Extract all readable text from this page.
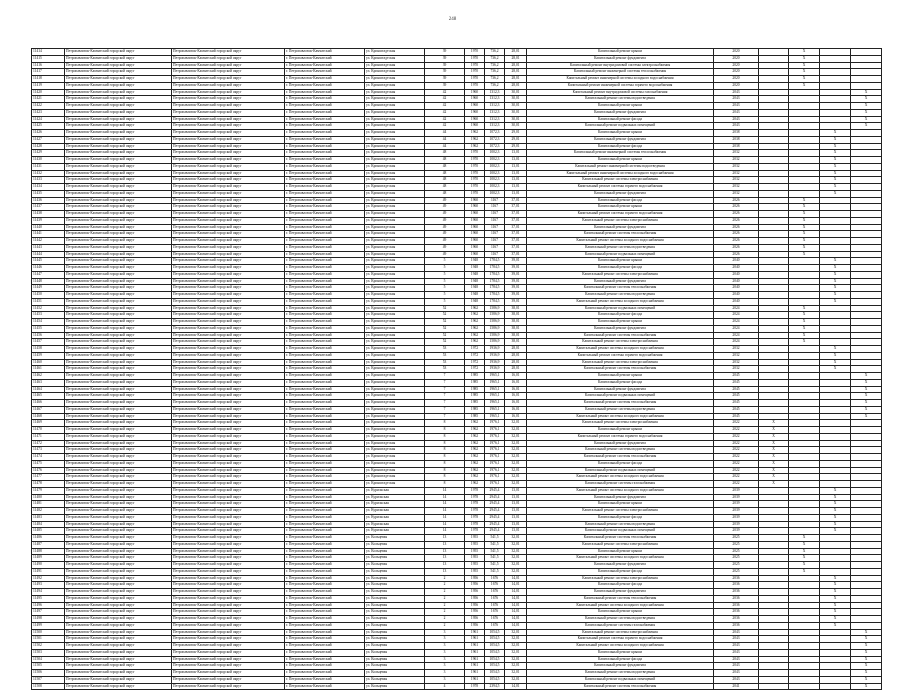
248
11414	Петропавловск-Камчатский городской округ	Петропавловск-Камчатский городской округ	г. Петропавловск-Камчатский	ул. Кронштадтская	39	1970	736,2	28,01	Капитальный ремонт крыши	2020		X		
11415	Петропавловск-Камчатский городской округ	Петропавловск-Камчатский городской округ	г. Петропавловск-Камчатский	ул. Кронштадтская	39	1970	736,2	28,01	Капитальный ремонт фундамента	2020		X		
11416	Петропавловск-Камчатский городской округ	Петропавловск-Камчатский городской округ	г. Петропавловск-Камчатский	ул. Кронштадтская	39	1970	736,2	28,01	Капитальный ремонт внутридомовой системы электроснабжения	2020		X		
11417	Петропавловск-Камчатский городской округ	Петропавловск-Камчатский городской округ	г. Петропавловск-Камчатский	ул. Кронштадтская	39	1970	736,2	28,01	Капитальный ремонт инженерной системы теплоснабжения	2020		X		
11418	Петропавловск-Камчатский городской округ	Петропавловск-Камчатский городской округ	г. Петропавловск-Камчатский	ул. Кронштадтская	39	1970	736,2	28,01	Капитальный ремонт инженерной системы холодного водоснабжения	2020		X		
11419	Петропавловск-Камчатский городской округ	Петропавловск-Камчатский городской округ	г. Петропавловск-Камчатский	ул. Кронштадтская	39	1970	736,2	28,01	Капитальный ремонт инженерной системы горячего водоснабжения	2020		X		
11420	Петропавловск-Камчатский городской округ	Петропавловск-Камчатский городской округ	г. Петропавловск-Камчатский	ул. Кронштадтская	42	1960	1312,3	30,01	Капитальный ремонт внутридомовой системы газоснабжения	2043				X
11421	Петропавловск-Камчатский городской округ	Петропавловск-Камчатский городской округ	г. Петропавловск-Камчатский	ул. Кронштадтская	42	1960	1312,3	30,01	Капитальный ремонт системы водоотведения	2043				X
11422	Петропавловск-Камчатский городской округ	Петропавловск-Камчатский городской округ	г. Петропавловск-Камчатский	ул. Кронштадтская	42	1960	1312,3	30,01	Капитальный ремонт крыши	2043				X
11423	Петропавловск-Камчатский городской округ	Петропавловск-Камчатский городской округ	г. Петропавловск-Камчатский	ул. Кронштадтская	42	1960	1312,3	30,01	Капитальный ремонт фундамента	2043				X
11424	Петропавловск-Камчатский городской округ	Петропавловск-Камчатский городской округ	г. Петропавловск-Камчатский	ул. Кронштадтская	42	1960	1312,3	30,01	Капитальный ремонт фасада	2043				X
11425	Петропавловск-Камчатский городской округ	Петропавловск-Камчатский городской округ	г. Петропавловск-Камчатский	ул. Кронштадтская	42	1960	1312,3	30,01	Капитальный ремонт подвальных помещений	2043				X
11426	Петропавловск-Камчатский городской округ	Петропавловск-Камчатский городской округ	г. Петропавловск-Камчатский	ул. Кронштадтская	44	1962	1072,3	29,01	Капитальный ремонт крыши	2038			X	
11427	Петропавловск-Камчатский городской округ	Петропавловск-Камчатский городской округ	г. Петропавловск-Камчатский	ул. Кронштадтская	44	1962	1072,3	29,01	Капитальный ремонт фундамента	2038			X	
11428	Петропавловск-Камчатский городской округ	Петропавловск-Камчатский городской округ	г. Петропавловск-Камчатский	ул. Кронштадтская	44	1962	1072,3	29,01	Капитальный ремонт фасада	2038			X	
11429	Петропавловск-Камчатский городской округ	Петропавловск-Камчатский городской округ	г. Петропавловск-Камчатский	ул. Кронштадтская	48	1970	1002,3	13,01	Капитальный ремонт инженерной системы теплоснабжения	2032			X	
11430	Петропавловск-Камчатский городской округ	Петропавловск-Камчатский городской округ	г. Петропавловск-Камчатский	ул. Кронштадтская	48	1970	1002,3	13,01	Капитальный ремонт крыши	2032			X	
11431	Петропавловск-Камчатский городской округ	Петропавловск-Камчатский городской округ	г. Петропавловск-Камчатский	ул. Кронштадтская	48	1970	1002,3	13,01	Капитальный ремонт инженерной системы водоотведения	2032			X	
11432	Петропавловск-Камчатский городской округ	Петропавловск-Камчатский городской округ	г. Петропавловск-Камчатский	ул. Кронштадтская	48	1970	1002,3	13,01	Капитальный ремонт инженерной системы холодного водоснабжения	2032			X	
11433	Петропавловск-Камчатский городской округ	Петропавловск-Камчатский городской округ	г. Петропавловск-Камчатский	ул. Кронштадтская	48	1970	1002,3	13,01	Капитальный ремонт системы электроснабжения	2032			X	
11434	Петропавловск-Камчатский городской округ	Петропавловск-Камчатский городской округ	г. Петропавловск-Камчатский	ул. Кронштадтская	48	1970	1002,3	13,01	Капитальный ремонт системы горячего водоснабжения	2032			X	
11435	Петропавловск-Камчатский городской округ	Петропавловск-Камчатский городской округ	г. Петропавловск-Камчатский	ул. Кронштадтская	48	1970	1002,3	13,01	Капитальный ремонт фундамента	2032			X	
11436	Петропавловск-Камчатский городской округ	Петропавловск-Камчатский городской округ	г. Петропавловск-Камчатский	ул. Кронштадтская	49	1960	1167	37,01	Капитальный ремонт фасада	2026		X		
11437	Петропавловск-Камчатский городской округ	Петропавловск-Камчатский городской округ	г. Петропавловск-Камчатский	ул. Кронштадтская	49	1960	1167	37,01	Капитальный ремонт крыши	2026		X		
11438	Петропавловск-Камчатский городской округ	Петропавловск-Камчатский городской округ	г. Петропавловск-Камчатский	ул. Кронштадтская	49	1960	1167	37,01	Капитальный ремонт системы горячего водоснабжения	2026		X		
11439	Петропавловск-Камчатский городской округ	Петропавловск-Камчатский городской округ	г. Петропавловск-Камчатский	ул. Кронштадтская	49	1960	1167	37,01	Капитальный ремонт системы электроснабжения	2026		X		
11440	Петропавловск-Камчатский городской округ	Петропавловск-Камчатский городской округ	г. Петропавловск-Камчатский	ул. Кронштадтская	49	1960	1167	37,01	Капитальный ремонт фундамента	2026		X		
11441	Петропавловск-Камчатский городской округ	Петропавловск-Камчатский городской округ	г. Петропавловск-Камчатский	ул. Кронштадтская	49	1960	1167	37,01	Капитальный ремонт системы теплоснабжения	2026		X		
11442	Петропавловск-Камчатский городской округ	Петропавловск-Камчатский городской округ	г. Петропавловск-Камчатский	ул. Кронштадтская	49	1960	1167	37,01	Капитальный ремонт системы холодного водоснабжения	2026		X		
11443	Петропавловск-Камчатский городской округ	Петропавловск-Камчатский городской округ	г. Петропавловск-Камчатский	ул. Кронштадтская	49	1960	1167	37,01	Капитальный ремонт системы водоотведения	2026		X		
11444	Петропавловск-Камчатский городской округ	Петропавловск-Камчатский городской округ	г. Петропавловск-Камчатский	ул. Кронштадтская	49	1960	1167	37,01	Капитальный ремонт подвальных помещений	2026		X		
11445	Петропавловск-Камчатский городской округ	Петропавловск-Камчатский городской округ	г. Петропавловск-Камчатский	ул. Кронштадтская	5	1948	1784,5	39,01	Капитальный ремонт крыши	2040			X	
11446	Петропавловск-Камчатский городской округ	Петропавловск-Камчатский городской округ	г. Петропавловск-Камчатский	ул. Кронштадтская	5	1948	1784,5	39,01	Капитальный ремонт фасада	2040			X	
11447	Петропавловск-Камчатский городской округ	Петропавловск-Камчатский городской округ	г. Петропавловск-Камчатский	ул. Кронштадтская	5	1948	1784,5	39,01	Капитальный ремонт системы электроснабжения	2040			X	
11448	Петропавловск-Камчатский городской округ	Петропавловск-Камчатский городской округ	г. Петропавловск-Камчатский	ул. Кронштадтская	5	1948	1784,5	39,01	Капитальный ремонт фундамента	2040			X	
11449	Петропавловск-Камчатский городской округ	Петропавловск-Камчатский городской округ	г. Петропавловск-Камчатский	ул. Кронштадтская	5	1948	1784,5	39,01	Капитальный ремонт системы теплоснабжения	2040			X	
11450	Петропавловск-Камчатский городской округ	Петропавловск-Камчатский городской округ	г. Петропавловск-Камчатский	ул. Кронштадтская	5	1948	1784,5	39,01	Капитальный ремонт системы водоотведения	2040			X	
11451	Петропавловск-Камчатский городской округ	Петропавловск-Камчатский городской округ	г. Петропавловск-Камчатский	ул. Кронштадтская	5	1948	1784,5	39,01	Капитальный ремонт системы холодного водоснабжения	2040			X	
11452	Петропавловск-Камчатский городской округ	Петропавловск-Камчатский городской округ	г. Петропавловск-Камчатский	ул. Кронштадтская	52	1962	1586,9	38,01	Капитальный ремонт подвальных помещений	2024		X		
11453	Петропавловск-Камчатский городской округ	Петропавловск-Камчатский городской округ	г. Петропавловск-Камчатский	ул. Кронштадтская	52	1962	1586,9	38,01	Капитальный ремонт фасада	2024		X		
11454	Петропавловск-Камчатский городской округ	Петропавловск-Камчатский городской округ	г. Петропавловск-Камчатский	ул. Кронштадтская	52	1962	1586,9	38,01	Капитальный ремонт крыши	2024		X		
11455	Петропавловск-Камчатский городской округ	Петропавловск-Камчатский городской округ	г. Петропавловск-Камчатский	ул. Кронштадтская	52	1962	1586,9	38,01	Капитальный ремонт фундамента	2024		X		
11456	Петропавловск-Камчатский городской округ	Петропавловск-Камчатский городской округ	г. Петропавловск-Камчатский	ул. Кронштадтская	52	1962	1586,9	38,01	Капитальный ремонт системы теплоснабжения	2024		X		
11457	Петропавловск-Камчатский городской округ	Петропавловск-Камчатский городской округ	г. Петропавловск-Камчатский	ул. Кронштадтская	52	1962	1586,9	38,01	Капитальный ремонт системы электроснабжения	2024		X		
11458	Петропавловск-Камчатский городской округ	Петропавловск-Камчатский городской округ	г. Петропавловск-Камчатский	ул. Кронштадтская	53	1972	1936,9	28,01	Капитальный ремонт системы холодного водоснабжения	2032			X	
11459	Петропавловск-Камчатский городской округ	Петропавловск-Камчатский городской округ	г. Петропавловск-Камчатский	ул. Кронштадтская	53	1972	1936,9	28,01	Капитальный ремонт системы горячего водоснабжения	2032			X	
11460	Петропавловск-Камчатский городской округ	Петропавловск-Камчатский городской округ	г. Петропавловск-Камчатский	ул. Кронштадтская	53	1972	1936,9	28,01	Капитальный ремонт системы электроснабжения	2032			X	
11461	Петропавловск-Камчатский городской округ	Петропавловск-Камчатский городской округ	г. Петропавловск-Камчатский	ул. Кронштадтская	53	1972	1936,9	28,01	Капитальный ремонт системы теплоснабжения	2032			X	
11462	Петропавловск-Камчатский городской округ	Петропавловск-Камчатский городской округ	г. Петропавловск-Камчатский	ул. Кронштадтская	7	1985	1965,1	16,01	Капитальный ремонт крыши	2045				X
11463	Петропавловск-Камчатский городской округ	Петропавловск-Камчатский городской округ	г. Петропавловск-Камчатский	ул. Кронштадтская	7	1985	1965,1	16,01	Капитальный ремонт фасада	2045				X
11464	Петропавловск-Камчатский городской округ	Петропавловск-Камчатский городской округ	г. Петропавловск-Камчатский	ул. Кронштадтская	7	1985	1965,1	16,01	Капитальный ремонт фундамента	2045				X
11465	Петропавловск-Камчатский городской округ	Петропавловск-Камчатский городской округ	г. Петропавловск-Камчатский	ул. Кронштадтская	7	1985	1965,1	16,01	Капитальный ремонт подвальных помещений	2045				X
11466	Петропавловск-Камчатский городской округ	Петропавловск-Камчатский городской округ	г. Петропавловск-Камчатский	ул. Кронштадтская	7	1985	1965,1	16,01	Капитальный ремонт системы теплоснабжения	2045				X
11467	Петропавловск-Камчатский городской округ	Петропавловск-Камчатский городской округ	г. Петропавловск-Камчатский	ул. Кронштадтская	7	1985	1965,1	16,01	Капитальный ремонт системы водоотведения	2045				X
11468	Петропавловск-Камчатский городской округ	Петропавловск-Камчатский городской округ	г. Петропавловск-Камчатский	ул. Кронштадтская	7	1985	1965,1	16,01	Капитальный ремонт системы холодного водоснабжения	2045				X
11469	Петропавловск-Камчатский городской округ	Петропавловск-Камчатский городской округ	г. Петропавловск-Камчатский	ул. Кронштадтская	8	1962	1976,1	32,01	Капитальный ремонт системы электроснабжения	2022	X			
11470	Петропавловск-Камчатский городской округ	Петропавловск-Камчатский городской округ	г. Петропавловск-Камчатский	ул. Кронштадтская	8	1962	1976,1	32,01	Капитальный ремонт крыши	2022	X			
11471	Петропавловск-Камчатский городской округ	Петропавловск-Камчатский городской округ	г. Петропавловск-Камчатский	ул. Кронштадтская	8	1962	1976,1	32,01	Капитальный ремонт системы горячего водоснабжения	2022	X			
11472	Петропавловск-Камчатский городской округ	Петропавловск-Камчатский городской округ	г. Петропавловск-Камчатский	ул. Кронштадтская	8	1962	1976,1	32,01	Капитальный ремонт фундамента	2022	X			
11473	Петропавловск-Камчатский городской округ	Петропавловск-Камчатский городской округ	г. Петропавловск-Камчатский	ул. Кронштадтская	8	1962	1976,1	32,01	Капитальный ремонт системы водоотведения	2022	X			
11474	Петропавловск-Камчатский городской округ	Петропавловск-Камчатский городской округ	г. Петропавловск-Камчатский	ул. Кронштадтская	8	1962	1976,1	32,01	Капитальный ремонт системы теплоснабжения	2022	X			
11475	Петропавловск-Камчатский городской округ	Петропавловск-Камчатский городской округ	г. Петропавловск-Камчатский	ул. Кронштадтская	8	1962	1976,1	32,01	Капитальный ремонт фасада	2022	X			
11476	Петропавловск-Камчатский городской округ	Петропавловск-Камчатский городской округ	г. Петропавловск-Камчатский	ул. Кронштадтская	8	1962	1976,1	32,01	Капитальный ремонт подвальных помещений	2022	X			
11477	Петропавловск-Камчатский городской округ	Петропавловск-Камчатский городской округ	г. Петропавловск-Камчатский	ул. Кронштадтская	8	1962	1976,1	32,01	Капитальный ремонт системы холодного водоснабжения	2022	X			
11478	Петропавловск-Камчатский городской округ	Петропавловск-Камчатский городской округ	г. Петропавловск-Камчатский	ул. Кронштадтская	8	1962	1976,1	32,01	Капитальный ремонт системы газоснабжения	2022	X			
11479	Петропавловск-Камчатский городской округ	Петропавловск-Камчатский городской округ	г. Петропавловск-Камчатский	ул. Курильская	14	1978	2945,4	13,01	Капитальный ремонт системы холодного водоснабжения	2039			X	
11480	Петропавловск-Камчатский городской округ	Петропавловск-Камчатский городской округ	г. Петропавловск-Камчатский	ул. Курильская	14	1978	2945,4	13,01	Капитальный ремонт фундамента	2039			X	
11481	Петропавловск-Камчатский городской округ	Петропавловск-Камчатский городской округ	г. Петропавловск-Камчатский	ул. Курильская	14	1978	2945,4	13,01	Капитальный ремонт крыши	2039			X	
11482	Петропавловск-Камчатский городской округ	Петропавловск-Камчатский городской округ	г. Петропавловск-Камчатский	ул. Курильская	14	1978	2945,4	13,01	Капитальный ремонт системы электроснабжения	2039			X	
11483	Петропавловск-Камчатский городской округ	Петропавловск-Камчатский городской округ	г. Петропавловск-Камчатский	ул. Курильская	14	1978	2945,4	13,01	Капитальный ремонт фасада	2039			X	
11484	Петропавловск-Камчатский городской округ	Петропавловск-Камчатский городской округ	г. Петропавловск-Камчатский	ул. Курильская	14	1978	2945,4	13,01	Капитальный ремонт системы водоотведения	2039			X	
11485	Петропавловск-Камчатский городской округ	Петропавловск-Камчатский городской округ	г. Петропавловск-Камчатский	ул. Курильская	14	1978	2945,4	13,01	Капитальный ремонт подвальных помещений	2039			X	
11486	Петропавловск-Камчатский городской округ	Петропавловск-Камчатский городской округ	г. Петропавловск-Камчатский	ул. Кольцевая	13	1955	541,5	32,01	Капитальный ремонт системы теплоснабжения	2025		X		
11487	Петропавловск-Камчатский городской округ	Петропавловск-Камчатский городской округ	г. Петропавловск-Камчатский	ул. Кольцевая	13	1955	541,5	32,01	Капитальный ремонт системы электроснабжения	2025		X		
11488	Петропавловск-Камчатский городской округ	Петропавловск-Камчатский городской округ	г. Петропавловск-Камчатский	ул. Кольцевая	13	1955	541,5	32,01	Капитальный ремонт крыши	2025		X		
11489	Петропавловск-Камчатский городской округ	Петропавловск-Камчатский городской округ	г. Петропавловск-Камчатский	ул. Кольцевая	13	1955	541,5	32,01	Капитальный ремонт системы холодного водоснабжения	2025		X		
11490	Петропавловск-Камчатский городской округ	Петропавловск-Камчатский городской округ	г. Петропавловск-Камчатский	ул. Кольцевая	13	1955	541,5	32,01	Капитальный ремонт фундамента	2025		X		
11491	Петропавловск-Камчатский городской округ	Петропавловск-Камчатский городской округ	г. Петропавловск-Камчатский	ул. Кольцевая	13	1955	541,5	32,01	Капитальный ремонт фасада	2025		X		
11492	Петропавловск-Камчатский городской округ	Петропавловск-Камчатский городской округ	г. Петропавловск-Камчатский	ул. Кольцевая	2	1956	1676	14,01	Капитальный ремонт системы электроснабжения	2036			X	
11493	Петропавловск-Камчатский городской округ	Петропавловск-Камчатский городской округ	г. Петропавловск-Камчатский	ул. Кольцевая	2	1956	1676	14,01	Капитальный ремонт фасада	2036			X	
11494	Петропавловск-Камчатский городской округ	Петропавловск-Камчатский городской округ	г. Петропавловск-Камчатский	ул. Кольцевая	2	1956	1676	14,01	Капитальный ремонт фундамента	2036			X	
11495	Петропавловск-Камчатский городской округ	Петропавловск-Камчатский городской округ	г. Петропавловск-Камчатский	ул. Кольцевая	2	1956	1676	14,01	Капитальный ремонт системы теплоснабжения	2036			X	
11496	Петропавловск-Камчатский городской округ	Петропавловск-Камчатский городской округ	г. Петропавловск-Камчатский	ул. Кольцевая	2	1956	1676	14,01	Капитальный ремонт системы холодного водоснабжения	2036			X	
11497	Петропавловск-Камчатский городской округ	Петропавловск-Камчатский городской округ	г. Петропавловск-Камчатский	ул. Кольцевая	2	1956	1676	14,01	Капитальный ремонт крыши	2036			X	
11498	Петропавловск-Камчатский городской округ	Петропавловск-Камчатский городской округ	г. Петропавловск-Камчатский	ул. Кольцевая	2	1956	1676	14,01	Капитальный ремонт системы водоотведения	2036			X	
11499	Петропавловск-Камчатский городской округ	Петропавловск-Камчатский городской округ	г. Петропавловск-Камчатский	ул. Кольцевая	2	1956	1676	14,01	Капитальный ремонт системы газоснабжения	2036			X	
11500	Петропавловск-Камчатский городской округ	Петропавловск-Камчатский городской округ	г. Петропавловск-Камчатский	ул. Кольцевая	3	1961	1054,5	32,01	Капитальный ремонт системы электроснабжения	2043				X
11501	Петропавловск-Камчатский городской округ	Петропавловск-Камчатский городской округ	г. Петропавловск-Камчатский	ул. Кольцевая	3	1961	1054,5	32,01	Капитальный ремонт системы горячего водоснабжения	2043				X
11502	Петропавловск-Камчатский городской округ	Петропавловск-Камчатский городской округ	г. Петропавловск-Камчатский	ул. Кольцевая	3	1961	1054,5	32,01	Капитальный ремонт системы холодного водоснабжения	2043				X
11503	Петропавловск-Камчатский городской округ	Петропавловск-Камчатский городской округ	г. Петропавловск-Камчатский	ул. Кольцевая	3	1961	1054,5	32,01	Капитальный ремонт крыши	2043				X
11504	Петропавловск-Камчатский городской округ	Петропавловск-Камчатский городской округ	г. Петропавловск-Камчатский	ул. Кольцевая	3	1961	1054,5	32,01	Капитальный ремонт фасада	2043				X
11505	Петропавловск-Камчатский городской округ	Петропавловск-Камчатский городской округ	г. Петропавловск-Камчатский	ул. Кольцевая	3	1961	1054,5	32,01	Капитальный ремонт фундамента	2043				X
11506	Петропавловск-Камчатский городской округ	Петропавловск-Камчатский городской округ	г. Петропавловск-Камчатский	ул. Кольцевая	3	1961	1054,5	32,01	Капитальный ремонт системы водоотведения	2043				X
11507	Петропавловск-Камчатский городской округ	Петропавловск-Камчатский городской округ	г. Петропавловск-Камчатский	ул. Кольцевая	3	1961	1054,5	32,01	Капитальный ремонт подвальных помещений	2043				X
11508	Петропавловск-Камчатский городской округ	Петропавловск-Камчатский городской округ	г. Петропавловск-Камчатский	ул. Кольцевая	4	1978	2394,5	14,01	Капитальный ремонт системы теплоснабжения	2041				X
